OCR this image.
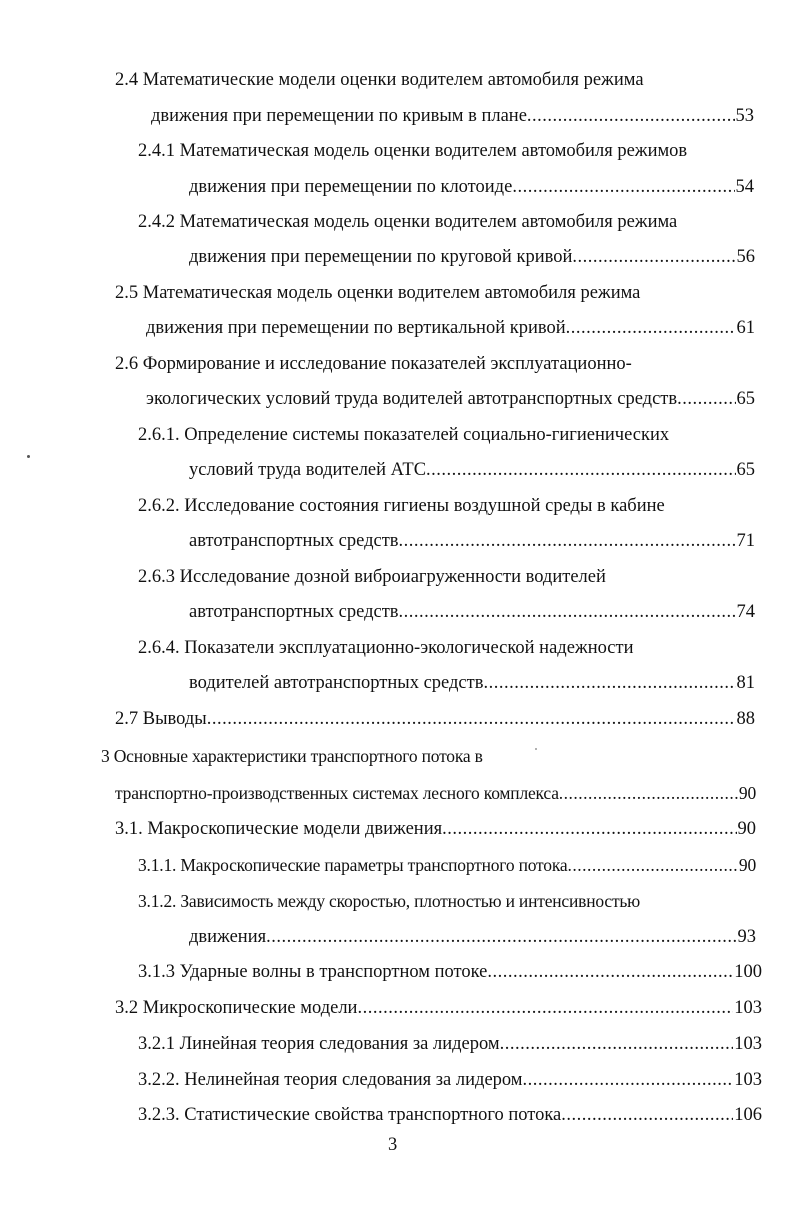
2.4 Математические модели оценки водителем автомобиля режима
движения при перемещении по кривым в плане .....	53
2.4.1 Математическая модель оценки водителем автомобиля режимов
движения при перемещении по клотоиде .....	54
2.4.2 Математическая модель оценки водителем автомобиля режима
движения при перемещении по круговой кривой .....	56
2.5 Математическая модель оценки водителем автомобиля режима
движения при перемещении по вертикальной кривой .....	61
2.6 Формирование и исследование показателей эксплуатационно-
экологических условий труда водителей автотранспортных средств .....	65
2.6.1. Определение системы показателей социально-гигиенических
условий труда водителей АТС .....	65
2.6.2. Исследование состояния гигиены воздушной среды в кабине
автотранспортных средств .....	71
2.6.3 Исследование дозной виброиагруженности водителей
автотранспортных средств .....	74
2.6.4. Показатели эксплуатационно-экологической надежности
водителей автотранспортных средств .....	81
2.7 Выводы .....	88
3 Основные характеристики транспортного потока в
транспортно-производственных системах лесного комплекса .....	90
3.1. Макроскопические модели движения .....	90
3.1.1. Макроскопические параметры транспортного потока .....	90
3.1.2. Зависимость между скоростью, плотностью и интенсивностью
движения .....	93
3.1.3 Ударные волны в транспортном потоке .....	100
3.2 Микроскопические модели .....	103
3.2.1 Линейная теория следования за лидером .....	103
3.2.2. Нелинейная теория следования за лидером .....	103
3.2.3. Статистические свойства транспортного потока .....	106
3
